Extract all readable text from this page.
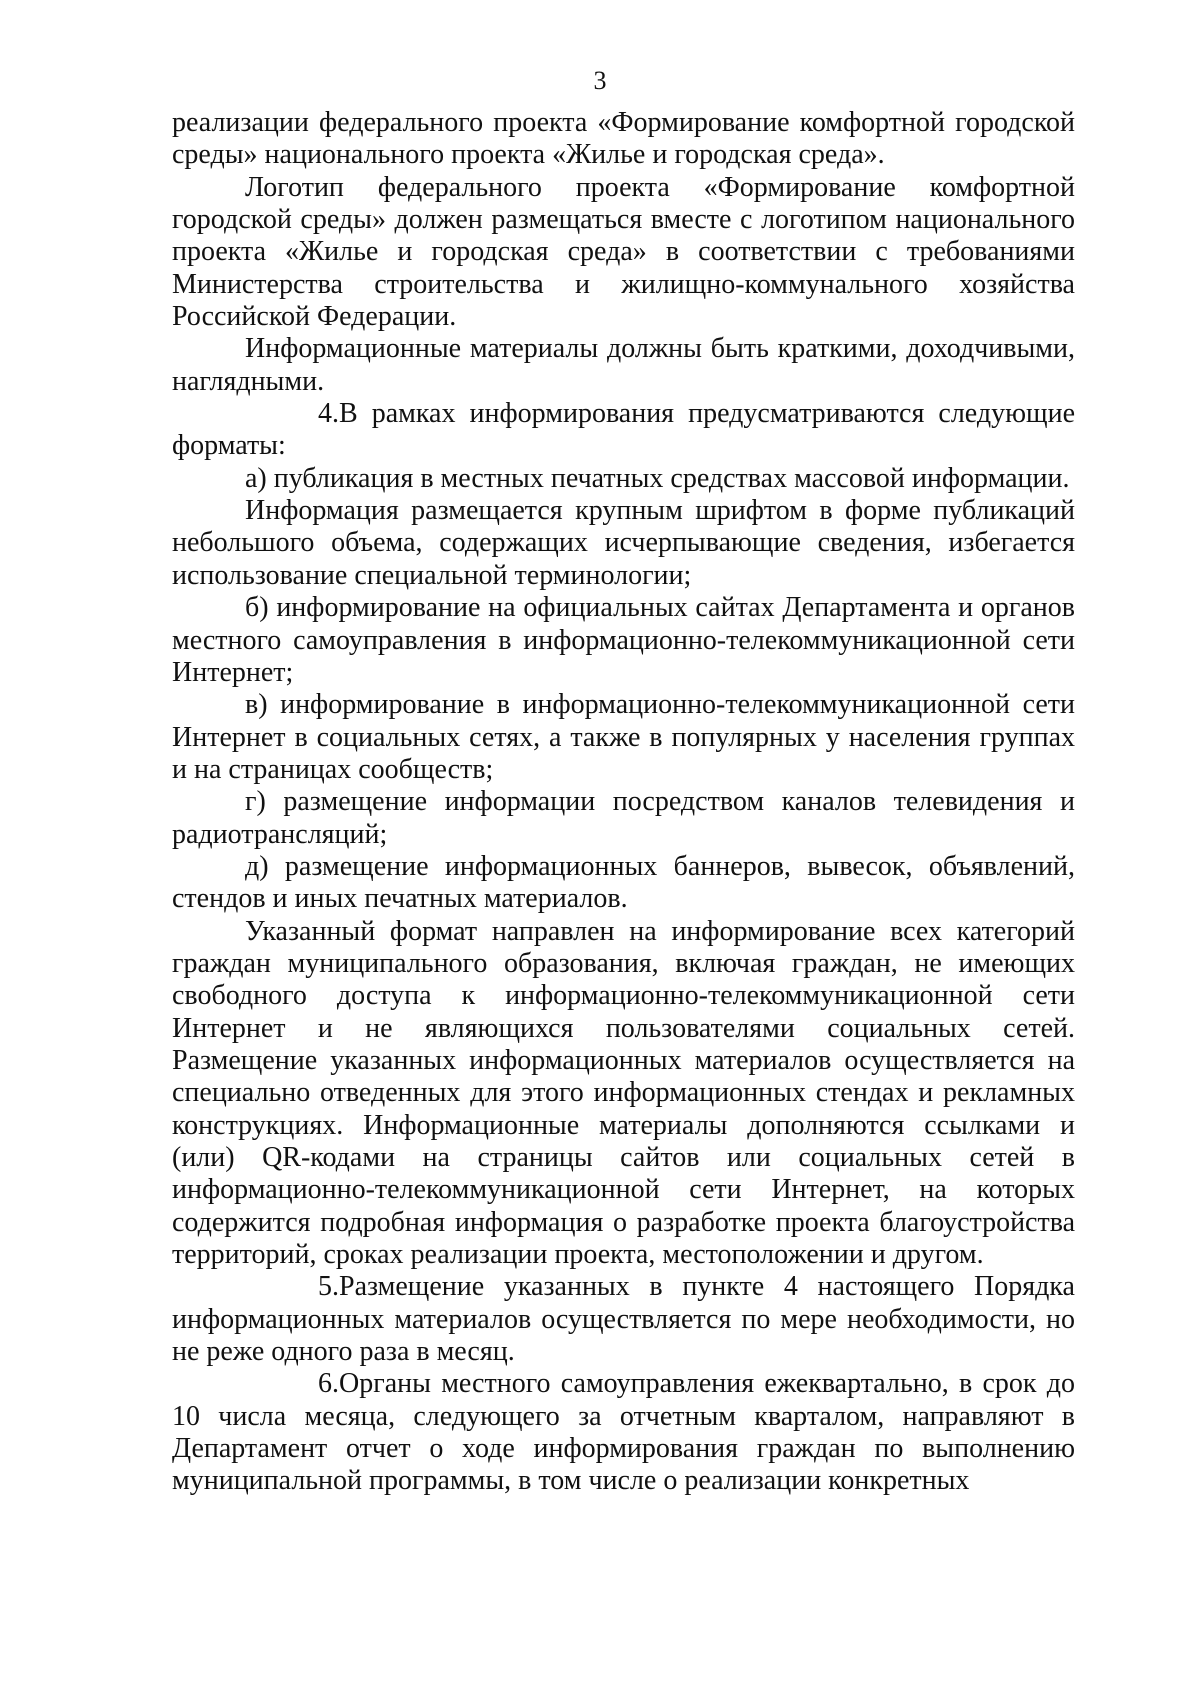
3

реализации федерального проекта «Формирование комфортной городской среды» национального проекта «Жилье и городская среда».

Логотип федерального проекта «Формирование комфортной городской среды» должен размещаться вместе с логотипом национального проекта «Жилье и городская среда» в соответствии с требованиями Министерства строительства и жилищно-коммунального хозяйства Российской Федерации.

Информационные материалы должны быть краткими, доходчивыми, наглядными.

4.В рамках информирования предусматриваются следующие форматы:

а) публикация в местных печатных средствах массовой информации.

Информация размещается крупным шрифтом в форме публикаций небольшого объема, содержащих исчерпывающие сведения, избегается использование специальной терминологии;

б) информирование на официальных сайтах Департамента и органов местного самоуправления в информационно-телекоммуникационной сети Интернет;

в) информирование в информационно-телекоммуникационной сети Интернет в социальных сетях, а также в популярных у населения группах и на страницах сообществ;

г) размещение информации посредством каналов телевидения и радиотрансляций;

д) размещение информационных баннеров, вывесок, объявлений, стендов и иных печатных материалов.

Указанный формат направлен на информирование всех категорий граждан муниципального образования, включая граждан, не имеющих свободного доступа к информационно-телекоммуникационной сети Интернет и не являющихся пользователями социальных сетей. Размещение указанных информационных материалов осуществляется на специально отведенных для этого информационных стендах и рекламных конструкциях. Информационные материалы дополняются ссылками и (или) QR-кодами на страницы сайтов или социальных сетей в информационно-телекоммуникационной сети Интернет, на которых содержится подробная информация о разработке проекта благоустройства территорий, сроках реализации проекта, местоположении и другом.

5.Размещение указанных в пункте 4 настоящего Порядка информационных материалов осуществляется по мере необходимости, но не реже одного раза в месяц.

6.Органы местного самоуправления ежеквартально, в срок до 10 числа месяца, следующего за отчетным кварталом, направляют в Департамент отчет о ходе информирования граждан по выполнению муниципальной программы, в том числе о реализации конкретных
